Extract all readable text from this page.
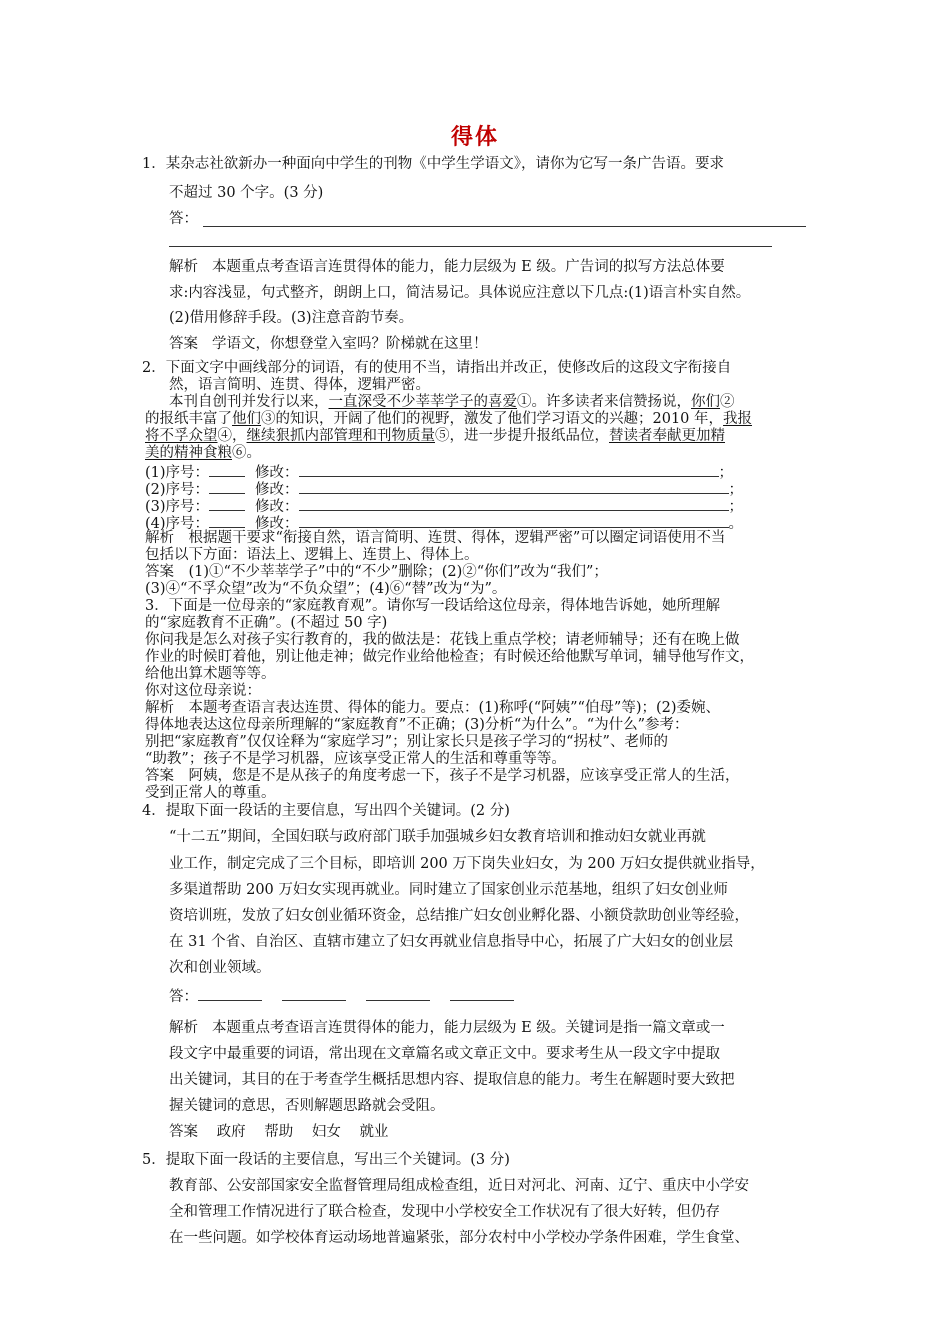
得体
1．某杂志社欲新办一种面向中学生的刊物《中学生学语文》，请你为它写一条广告语。要求
不超过 30 个字。(3 分)
答：
解析 本题重点考查语言连贯得体的能力，能力层级为 E 级。广告词的拟写方法总体要
求:内容浅显，句式整齐，朗朗上口，简洁易记。具体说应注意以下几点:(1)语言朴实自然。
(2)借用修辞手段。(3)注意音韵节奏。
答案 学语文，你想登堂入室吗？阶梯就在这里！
2．下面文字中画线部分的词语，有的使用不当，请指出并改正，使修改后的这段文字衔接自
然，语言简明、连贯、得体，逻辑严密。
本刊自创刊并发行以来，一直深受不少莘莘学子的喜爱①。许多读者来信赞扬说，你们②
的报纸丰富了他们③的知识，开阔了他们的视野，激发了他们学习语文的兴趣；2010 年，我报
将不孚众望④，继续狠抓内部管理和刊物质量⑤，进一步提升报纸品位，替读者奉献更加精
美的精神食粮⑥。
(1)序号：	修改：	；
(2)序号：	修改：	；
(3)序号：	修改：	；
(4)序号：	修改：	。
解析　根据题干要求“衔接自然，语言简明、连贯、得体，逻辑严密”可以圈定词语使用不当
包括以下方面：语法上、逻辑上、连贯上、得体上。
答案　(1)①“不少莘莘学子”中的“不少”删除；(2)②“你们”改为“我们”；
(3)④“不孚众望”改为“不负众望”；(4)⑥“替”改为“为”。
3．下面是一位母亲的“家庭教育观”。请你写一段话给这位母亲，得体地告诉她，她所理解
的“家庭教育不正确”。(不超过 50 字)
你问我是怎么对孩子实行教育的，我的做法是：花钱上重点学校；请老师辅导；还有在晚上做
作业的时候盯着他，别让他走神；做完作业给他检查；有时候还给他默写单词，辅导他写作文，
给他出算术题等等。
你对这位母亲说：
解析　本题考查语言表达连贯、得体的能力。要点：(1)称呼(“阿姨”“伯母”等)；(2)委婉、
得体地表达这位母亲所理解的“家庭教育”不正确；(3)分析“为什么”。“为什么”参考：
别把“家庭教育”仅仅诠释为“家庭学习”；别让家长只是孩子学习的“拐杖”、老师的
“助教”；孩子不是学习机器，应该享受正常人的生活和尊重等等。
答案　阿姨，您是不是从孩子的角度考虑一下，孩子不是学习机器，应该享受正常人的生活，
受到正常人的尊重。
4．提取下面一段话的主要信息，写出四个关键词。(2 分)
“十二五”期间，全国妇联与政府部门联手加强城乡妇女教育培训和推动妇女就业再就
业工作，制定完成了三个目标，即培训 200 万下岗失业妇女，为 200 万妇女提供就业指导，
多渠道帮助 200 万妇女实现再就业。同时建立了国家创业示范基地，组织了妇女创业师
资培训班，发放了妇女创业循环资金，总结推广妇女创业孵化器、小额贷款助创业等经验，
在 31 个省、自治区、直辖市建立了妇女再就业信息指导中心，拓展了广大妇女的创业层
次和创业领域。
答：
解析 本题重点考查语言连贯得体的能力，能力层级为 E 级。关键词是指一篇文章或一
段文字中最重要的词语，常出现在文章篇名或文章正文中。要求考生从一段文字中提取
出关键词，其目的在于考查学生概括思想内容、提取信息的能力。考生在解题时要大致把
握关键词的意思，否则解题思路就会受阻。
答案 政府 帮助 妇女 就业
5．提取下面一段话的主要信息，写出三个关键词。(3 分)
教育部、公安部国家安全监督管理局组成检查组，近日对河北、河南、辽宁、重庆中小学安
全和管理工作情况进行了联合检查，发现中小学校安全工作状况有了很大好转，但仍存
在一些问题。如学校体育运动场地普遍紧张，部分农村中小学校办学条件困难，学生食堂、
